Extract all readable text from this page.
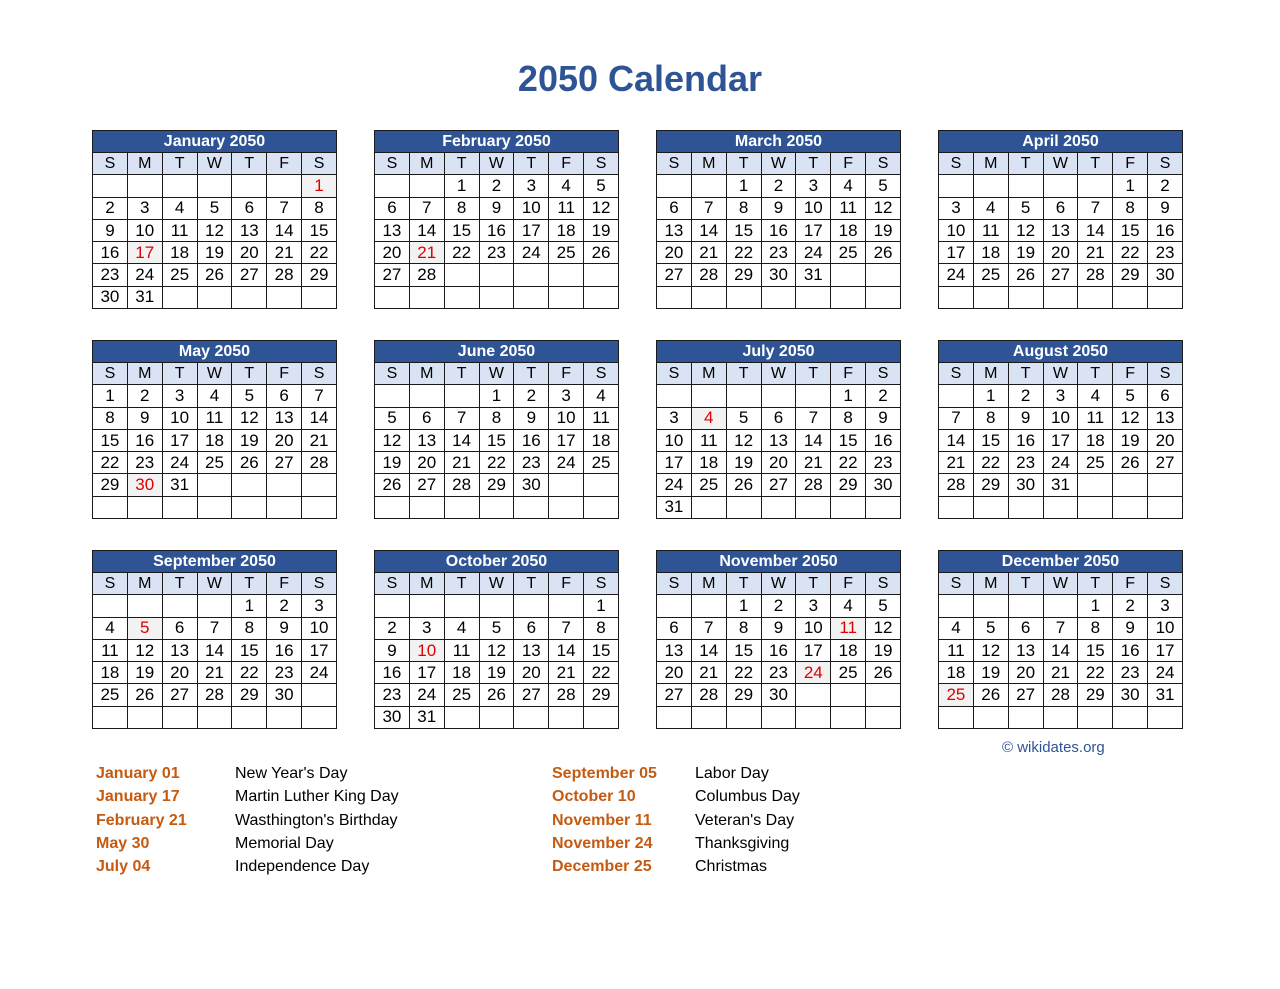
2050 Calendar
January 2050						
S	M	T	W	T	F	S
						1
2	3	4	5	6	7	8
9	10	11	12	13	14	15
16	17	18	19	20	21	22
23	24	25	26	27	28	29
30	31					
February 2050						
S	M	T	W	T	F	S
		1	2	3	4	5
6	7	8	9	10	11	12
13	14	15	16	17	18	19
20	21	22	23	24	25	26
27	28					

March 2050						
S	M	T	W	T	F	S
		1	2	3	4	5
6	7	8	9	10	11	12
13	14	15	16	17	18	19
20	21	22	23	24	25	26
27	28	29	30	31		

April 2050						
S	M	T	W	T	F	S
					1	2
3	4	5	6	7	8	9
10	11	12	13	14	15	16
17	18	19	20	21	22	23
24	25	26	27	28	29	30

May 2050						
S	M	T	W	T	F	S
1	2	3	4	5	6	7
8	9	10	11	12	13	14
15	16	17	18	19	20	21
22	23	24	25	26	27	28
29	30	31				

June 2050						
S	M	T	W	T	F	S
			1	2	3	4
5	6	7	8	9	10	11
12	13	14	15	16	17	18
19	20	21	22	23	24	25
26	27	28	29	30		

July 2050						
S	M	T	W	T	F	S
					1	2
3	4	5	6	7	8	9
10	11	12	13	14	15	16
17	18	19	20	21	22	23
24	25	26	27	28	29	30
31						
August 2050						
S	M	T	W	T	F	S
	1	2	3	4	5	6
7	8	9	10	11	12	13
14	15	16	17	18	19	20
21	22	23	24	25	26	27
28	29	30	31			

September 2050						
S	M	T	W	T	F	S
				1	2	3
4	5	6	7	8	9	10
11	12	13	14	15	16	17
18	19	20	21	22	23	24
25	26	27	28	29	30	

October 2050						
S	M	T	W	T	F	S
						1
2	3	4	5	6	7	8
9	10	11	12	13	14	15
16	17	18	19	20	21	22
23	24	25	26	27	28	29
30	31					
November 2050						
S	M	T	W	T	F	S
		1	2	3	4	5
6	7	8	9	10	11	12
13	14	15	16	17	18	19
20	21	22	23	24	25	26
27	28	29	30			

December 2050						
S	M	T	W	T	F	S
				1	2	3
4	5	6	7	8	9	10
11	12	13	14	15	16	17
18	19	20	21	22	23	24
25	26	27	28	29	30	31

January 01	New Year's Day
January 17	Martin Luther King Day
February 21	Wasthington's Birthday
May 30	Memorial Day
July 04	Independence Day
September 05 Labor Day
October 10	Columbus Day
November 11	Veteran's Day
November 24	Thanksgiving
December 25	Christmas
© wikidates.org
